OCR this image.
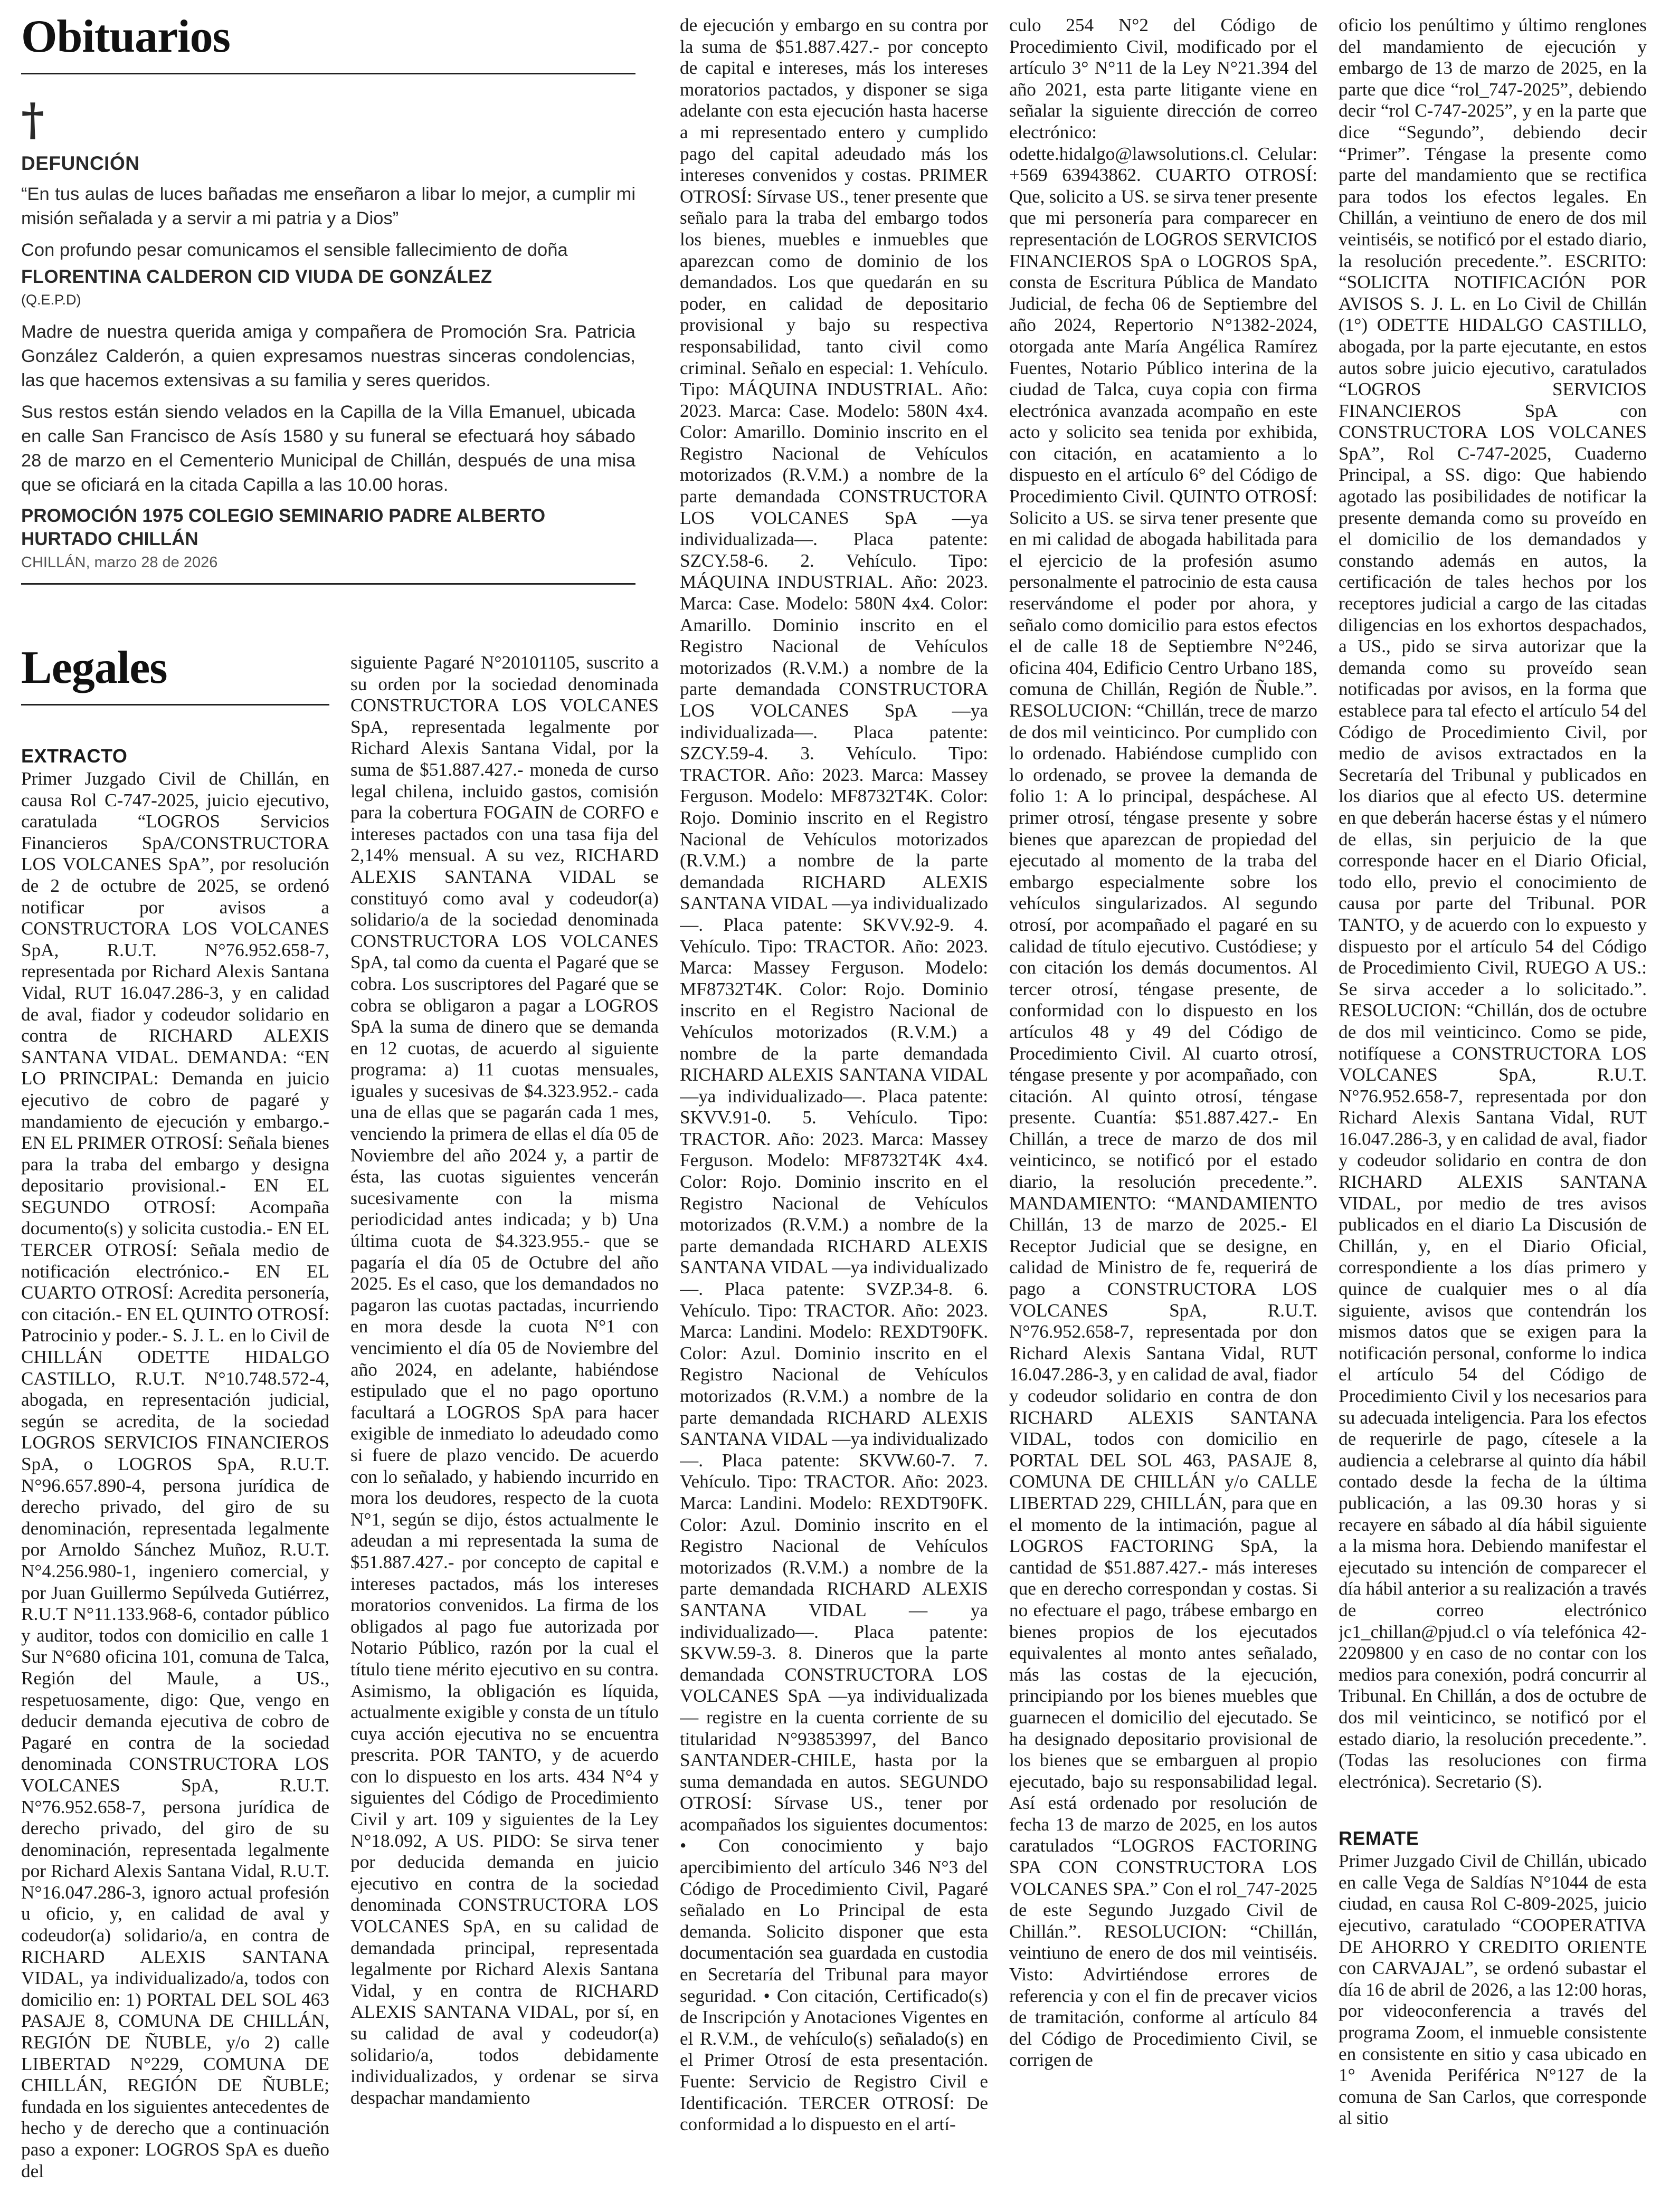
Obituarios
†
DEFUNCIÓN
“En tus aulas de luces bañadas me enseñaron a libar lo mejor, a cumplir mi misión señalada y a servir a mi patria y a Dios”
Con profundo pesar comunicamos el sensible fallecimiento de doña
FLORENTINA CALDERON CID VIUDA DE GONZÁLEZ
(Q.E.P.D)
Madre de nuestra querida amiga y compañera de Promoción Sra. Patricia González Calderón, a quien expresamos nuestras sinceras condolencias, las que hacemos extensivas a su familia y seres queridos.
Sus restos están siendo velados en la Capilla de la Villa Emanuel, ubicada en calle San Francisco de Asís 1580 y su funeral se efectuará hoy sábado 28 de marzo en el Cementerio Municipal de Chillán, después de una misa que se oficiará en la citada Capilla a las 10.00 horas.
PROMOCIÓN 1975 COLEGIO SEMINARIO PADRE ALBERTO HURTADO CHILLÁN
CHILLÁN, marzo 28 de 2026
Legales
EXTRACTO

Primer Juzgado Civil de Chillán, en causa Rol C-747-2025, juicio ejecutivo, caratulada “LOGROS Servicios Financieros SpA/CONSTRUCTORA LOS VOLCANES SpA”, por resolución de 2 de octubre de 2025, se ordenó notificar por avisos a CONSTRUCTORA LOS VOLCANES SpA, R.U.T. N°76.952.658-7, representada por Richard Alexis Santana Vidal, RUT 16.047.286-3, y en calidad de aval, fiador y codeudor solidario en contra de RICHARD ALEXIS SANTANA VIDAL. DEMANDA: “EN LO PRINCIPAL: Demanda en juicio ejecutivo de cobro de pagaré y mandamiento de ejecución y embargo.- EN EL PRIMER OTROSÍ: Señala bienes para la traba del embargo y designa depositario provisional.- EN EL SEGUNDO OTROSÍ: Acompaña documento(s) y solicita custodia.- EN EL TERCER OTROSÍ: Señala medio de notificación electrónico.- EN EL CUARTO OTROSÍ: Acredita personería, con citación.- EN EL QUINTO OTROSÍ: Patrocinio y poder.- S. J. L. en lo Civil de CHILLÁN ODETTE HIDALGO CASTILLO, R.U.T. N°10.748.572-4, abogada, en representación judicial, según se acredita, de la sociedad LOGROS SERVICIOS FINANCIEROS SpA, o LOGROS SpA, R.U.T. N°96.657.890-4, persona jurídica de derecho privado, del giro de su denominación, representada legalmente por Arnoldo Sánchez Muñoz, R.U.T. N°4.256.980-1, ingeniero comercial, y por Juan Guillermo Sepúlveda Gutiérrez, R.U.T N°11.133.968-6, contador público y auditor, todos con domicilio en calle 1 Sur N°680 oficina 101, comuna de Talca, Región del Maule, a US., respetuosamente, digo: Que, vengo en deducir demanda ejecutiva de cobro de Pagaré en contra de la sociedad denominada CONSTRUCTORA LOS VOLCANES SpA, R.U.T. N°76.952.658-7, persona jurídica de derecho privado, del giro de su denominación, representada legalmente por Richard Alexis Santana Vidal, R.U.T. N°16.047.286-3, ignoro actual profesión u oficio, y, en calidad de aval y codeudor(a) solidario/a, en contra de RICHARD ALEXIS SANTANA VIDAL, ya individualizado/a, todos con domicilio en: 1) PORTAL DEL SOL 463 PASAJE 8, COMUNA DE CHILLÁN, REGIÓN DE ÑUBLE, y/o 2) calle LIBERTAD N°229, COMUNA DE CHILLÁN, REGIÓN DE ÑUBLE; fundada en los siguientes antecedentes de hecho y de derecho que a continuación paso a exponer: LOGROS SpA es dueño del

siguiente Pagaré N°20101105, suscrito a su orden por la sociedad denominada CONSTRUCTORA LOS VOLCANES SpA, representada legalmente por Richard Alexis Santana Vidal, por la suma de $51.887.427.- moneda de curso legal chilena, incluido gastos, comisión para la cobertura FOGAIN de CORFO e intereses pactados con una tasa fija del 2,14% mensual. A su vez, RICHARD ALEXIS SANTANA VIDAL se constituyó como aval y codeudor(a) solidario/a de la sociedad denominada CONSTRUCTORA LOS VOLCANES SpA, tal como da cuenta el Pagaré que se cobra. Los suscriptores del Pagaré que se cobra se obligaron a pagar a LOGROS SpA la suma de dinero que se demanda en 12 cuotas, de acuerdo al siguiente programa: a) 11 cuotas mensuales, iguales y sucesivas de $4.323.952.- cada una de ellas que se pagarán cada 1 mes, venciendo la primera de ellas el día 05 de Noviembre del año 2024 y, a partir de ésta, las cuotas siguientes vencerán sucesivamente con la misma periodicidad antes indicada; y b) Una última cuota de $4.323.955.- que se pagaría el día 05 de Octubre del año 2025. Es el caso, que los demandados no pagaron las cuotas pactadas, incurriendo en mora desde la cuota N°1 con vencimiento el día 05 de Noviembre del año 2024, en adelante, habiéndose estipulado que el no pago oportuno facultará a LOGROS SpA para hacer exigible de inmediato lo adeudado como si fuere de plazo vencido. De acuerdo con lo señalado, y habiendo incurrido en mora los deudores, respecto de la cuota N°1, según se dijo, éstos actualmente le adeudan a mi representada la suma de $51.887.427.- por concepto de capital e intereses pactados, más los intereses moratorios convenidos. La firma de los obligados al pago fue autorizada por Notario Público, razón por la cual el título tiene mérito ejecutivo en su contra. Asimismo, la obligación es líquida, actualmente exigible y consta de un título cuya acción ejecutiva no se encuentra prescrita. POR TANTO, y de acuerdo con lo dispuesto en los arts. 434 N°4 y siguientes del Código de Procedimiento Civil y art. 109 y siguientes de la Ley N°18.092, A US. PIDO: Se sirva tener por deducida demanda en juicio ejecutivo en contra de la sociedad denominada CONSTRUCTORA LOS VOLCANES SpA, en su calidad de demandada principal, representada legalmente por Richard Alexis Santana Vidal, y en contra de RICHARD ALEXIS SANTANA VIDAL, por sí, en su calidad de aval y codeudor(a) solidario/a, todos debidamente individualizados, y ordenar se sirva despachar mandamiento

de ejecución y embargo en su contra por la suma de $51.887.427.- por concepto de capital e intereses, más los intereses moratorios pactados, y disponer se siga adelante con esta ejecución hasta hacerse a mi representado entero y cumplido pago del capital adeudado más los intereses convenidos y costas. PRIMER OTROSÍ: Sírvase US., tener presente que señalo para la traba del embargo todos los bienes, muebles e inmuebles que aparezcan como de dominio de los demandados. Los que quedarán en su poder, en calidad de depositario provisional y bajo su respectiva responsabilidad, tanto civil como criminal. Señalo en especial: 1. Vehículo. Tipo: MÁQUINA INDUSTRIAL. Año: 2023. Marca: Case. Modelo: 580N 4x4. Color: Amarillo. Dominio inscrito en el Registro Nacional de Vehículos motorizados (R.V.M.) a nombre de la parte demandada CONSTRUCTORA LOS VOLCANES SpA —ya individualizada—. Placa patente: SZCY.58-6. 2. Vehículo. Tipo: MÁQUINA INDUSTRIAL. Año: 2023. Marca: Case. Modelo: 580N 4x4. Color: Amarillo. Dominio inscrito en el Registro Nacional de Vehículos motorizados (R.V.M.) a nombre de la parte demandada CONSTRUCTORA LOS VOLCANES SpA —ya individualizada—. Placa patente: SZCY.59-4. 3. Vehículo. Tipo: TRACTOR. Año: 2023. Marca: Massey Ferguson. Modelo: MF8732T4K. Color: Rojo. Dominio inscrito en el Registro Nacional de Vehículos motorizados (R.V.M.) a nombre de la parte demandada RICHARD ALEXIS SANTANA VIDAL —ya individualizado—. Placa patente: SKVV.92-9. 4. Vehículo. Tipo: TRACTOR. Año: 2023. Marca: Massey Ferguson. Modelo: MF8732T4K. Color: Rojo. Dominio inscrito en el Registro Nacional de Vehículos motorizados (R.V.M.) a nombre de la parte demandada RICHARD ALEXIS SANTANA VIDAL —ya individualizado—. Placa patente: SKVV.91-0. 5. Vehículo. Tipo: TRACTOR. Año: 2023. Marca: Massey Ferguson. Modelo: MF8732T4K 4x4. Color: Rojo. Dominio inscrito en el Registro Nacional de Vehículos motorizados (R.V.M.) a nombre de la parte demandada RICHARD ALEXIS SANTANA VIDAL —ya individualizado—. Placa patente: SVZP.34-8. 6. Vehículo. Tipo: TRACTOR. Año: 2023. Marca: Landini. Modelo: REXDT90FK. Color: Azul. Dominio inscrito en el Registro Nacional de Vehículos motorizados (R.V.M.) a nombre de la parte demandada RICHARD ALEXIS SANTANA VIDAL —ya individualizado—. Placa patente: SKVW.60-7. 7. Vehículo. Tipo: TRACTOR. Año: 2023. Marca: Landini. Modelo: REXDT90FK. Color: Azul. Dominio inscrito en el Registro Nacional de Vehículos motorizados (R.V.M.) a nombre de la parte demandada RICHARD ALEXIS SANTANA VIDAL — ya individualizado—. Placa patente: SKVW.59-3. 8. Dineros que la parte demandada CONSTRUCTORA LOS VOLCANES SpA —ya individualizada— registre en la cuenta corriente de su titularidad N°93853997, del Banco SANTANDER-CHILE, hasta por la suma demandada en autos. SEGUNDO OTROSÍ: Sírvase US., tener por acompañados los siguientes documentos: • Con conocimiento y bajo apercibimiento del artículo 346 N°3 del Código de Procedimiento Civil, Pagaré señalado en Lo Principal de esta demanda. Solicito disponer que esta documentación sea guardada en custodia en Secretaría del Tribunal para mayor seguridad. • Con citación, Certificado(s) de Inscripción y Anotaciones Vigentes en el R.V.M., de vehículo(s) señalado(s) en el Primer Otrosí de esta presentación. Fuente: Servicio de Registro Civil e Identificación. TERCER OTROSÍ: De conformidad a lo dispuesto en el artí-

culo 254 N°2 del Código de Procedimiento Civil, modificado por el artículo 3° N°11 de la Ley N°21.394 del año 2021, esta parte litigante viene en señalar la siguiente dirección de correo electrónico: odette.hidalgo@lawsolutions.cl. Celular: +569 63943862. CUARTO OTROSÍ: Que, solicito a US. se sirva tener presente que mi personería para comparecer en representación de LOGROS SERVICIOS FINANCIEROS SpA o LOGROS SpA, consta de Escritura Pública de Mandato Judicial, de fecha 06 de Septiembre del año 2024, Repertorio N°1382-2024, otorgada ante María Angélica Ramírez Fuentes, Notario Público interina de la ciudad de Talca, cuya copia con firma electrónica avanzada acompaño en este acto y solicito sea tenida por exhibida, con citación, en acatamiento a lo dispuesto en el artículo 6° del Código de Procedimiento Civil. QUINTO OTROSÍ: Solicito a US. se sirva tener presente que en mi calidad de abogada habilitada para el ejercicio de la profesión asumo personalmente el patrocinio de esta causa reservándome el poder por ahora, y señalo como domicilio para estos efectos el de calle 18 de Septiembre N°246, oficina 404, Edificio Centro Urbano 18S, comuna de Chillán, Región de Ñuble.”. RESOLUCION: “Chillán, trece de marzo de dos mil veinticinco. Por cumplido con lo ordenado. Habiéndose cumplido con lo ordenado, se provee la demanda de folio 1: A lo principal, despáchese. Al primer otrosí, téngase presente y sobre bienes que aparezcan de propiedad del ejecutado al momento de la traba del embargo especialmente sobre los vehículos singularizados. Al segundo otrosí, por acompañado el pagaré en su calidad de título ejecutivo. Custódiese; y con citación los demás documentos. Al tercer otrosí, téngase presente, de conformidad con lo dispuesto en los artículos 48 y 49 del Código de Procedimiento Civil. Al cuarto otrosí, téngase presente y por acompañado, con citación. Al quinto otrosí, téngase presente. Cuantía: $51.887.427.- En Chillán, a trece de marzo de dos mil veinticinco, se notificó por el estado diario, la resolución precedente.”. MANDAMIENTO: “MANDAMIENTO Chillán, 13 de marzo de 2025.- El Receptor Judicial que se designe, en calidad de Ministro de fe, requerirá de pago a CONSTRUCTORA LOS VOLCANES SpA, R.U.T. N°76.952.658-7, representada por don Richard Alexis Santana Vidal, RUT 16.047.286-3, y en calidad de aval, fiador y codeudor solidario en contra de don RICHARD ALEXIS SANTANA VIDAL, todos con domicilio en PORTAL DEL SOL 463, PASAJE 8, COMUNA DE CHILLÁN y/o CALLE LIBERTAD 229, CHILLÁN, para que en el momento de la intimación, pague al LOGROS FACTORING SpA, la cantidad de $51.887.427.- más intereses que en derecho correspondan y costas. Si no efectuare el pago, trábese embargo en bienes propios de los ejecutados equivalentes al monto antes señalado, más las costas de la ejecución, principiando por los bienes muebles que guarnecen el domicilio del ejecutado. Se ha designado depositario provisional de los bienes que se embarguen al propio ejecutado, bajo su responsabilidad legal. Así está ordenado por resolución de fecha 13 de marzo de 2025, en los autos caratulados “LOGROS FACTORING SPA CON CONSTRUCTORA LOS VOLCANES SPA.” Con el rol_747-2025 de este Segundo Juzgado Civil de Chillán.”. RESOLUCION: “Chillán, veintiuno de enero de dos mil veintiséis. Visto: Advirtiéndose errores de referencia y con el fin de precaver vicios de tramitación, conforme al artículo 84 del Código de Procedimiento Civil, se corrigen de

oficio los penúltimo y último renglones del mandamiento de ejecución y embargo de 13 de marzo de 2025, en la parte que dice “rol_747-2025”, debiendo decir “rol C-747-2025”, y en la parte que dice “Segundo”, debiendo decir “Primer”. Téngase la presente como parte del mandamiento que se rectifica para todos los efectos legales. En Chillán, a veintiuno de enero de dos mil veintiséis, se notificó por el estado diario, la resolución precedente.”. ESCRITO: “SOLICITA NOTIFICACIÓN POR AVISOS S. J. L. en Lo Civil de Chillán (1°) ODETTE HIDALGO CASTILLO, abogada, por la parte ejecutante, en estos autos sobre juicio ejecutivo, caratulados “LOGROS SERVICIOS FINANCIEROS SpA con CONSTRUCTORA LOS VOLCANES SpA”, Rol C-747-2025, Cuaderno Principal, a SS. digo: Que habiendo agotado las posibilidades de notificar la presente demanda como su proveído en el domicilio de los demandados y constando además en autos, la certificación de tales hechos por los receptores judicial a cargo de las citadas diligencias en los exhortos despachados, a US., pido se sirva autorizar que la demanda como su proveído sean notificadas por avisos, en la forma que establece para tal efecto el artículo 54 del Código de Procedimiento Civil, por medio de avisos extractados en la Secretaría del Tribunal y publicados en los diarios que al efecto US. determine en que deberán hacerse éstas y el número de ellas, sin perjuicio de la que corresponde hacer en el Diario Oficial, todo ello, previo el conocimiento de causa por parte del Tribunal. POR TANTO, y de acuerdo con lo expuesto y dispuesto por el artículo 54 del Código de Procedimiento Civil, RUEGO A US.: Se sirva acceder a lo solicitado.”. RESOLUCION: “Chillán, dos de octubre de dos mil veinticinco. Como se pide, notifíquese a CONSTRUCTORA LOS VOLCANES SpA, R.U.T. N°76.952.658-7, representada por don Richard Alexis Santana Vidal, RUT 16.047.286-3, y en calidad de aval, fiador y codeudor solidario en contra de don RICHARD ALEXIS SANTANA VIDAL, por medio de tres avisos publicados en el diario La Discusión de Chillán, y, en el Diario Oficial, correspondiente a los días primero y quince de cualquier mes o al día siguiente, avisos que contendrán los mismos datos que se exigen para la notificación personal, conforme lo indica el artículo 54 del Código de Procedimiento Civil y los necesarios para su adecuada inteligencia. Para los efectos de requerirle de pago, cítesele a la audiencia a celebrarse al quinto día hábil contado desde la fecha de la última publicación, a las 09.30 horas y si recayere en sábado al día hábil siguiente a la misma hora. Debiendo manifestar el ejecutado su intención de comparecer el día hábil anterior a su realización a través de correo electrónico jc1_chillan@pjud.cl o vía telefónica 42-2209800 y en caso de no contar con los medios para conexión, podrá concurrir al Tribunal. En Chillán, a dos de octubre de dos mil veinticinco, se notificó por el estado diario, la resolución precedente.”. (Todas las resoluciones con firma electrónica). Secretario (S).

REMATE

Primer Juzgado Civil de Chillán, ubicado en calle Vega de Saldías N°1044 de esta ciudad, en causa Rol C-809-2025, juicio ejecutivo, caratulado “COOPERATIVA DE AHORRO Y CREDITO ORIENTE con CARVAJAL”, se ordenó subastar el día 16 de abril de 2026, a las 12:00 horas, por videoconferencia a través del programa Zoom, el inmueble consistente en consistente en sitio y casa ubicado en 1° Avenida Periférica N°127 de la comuna de San Carlos, que corresponde al sitio
